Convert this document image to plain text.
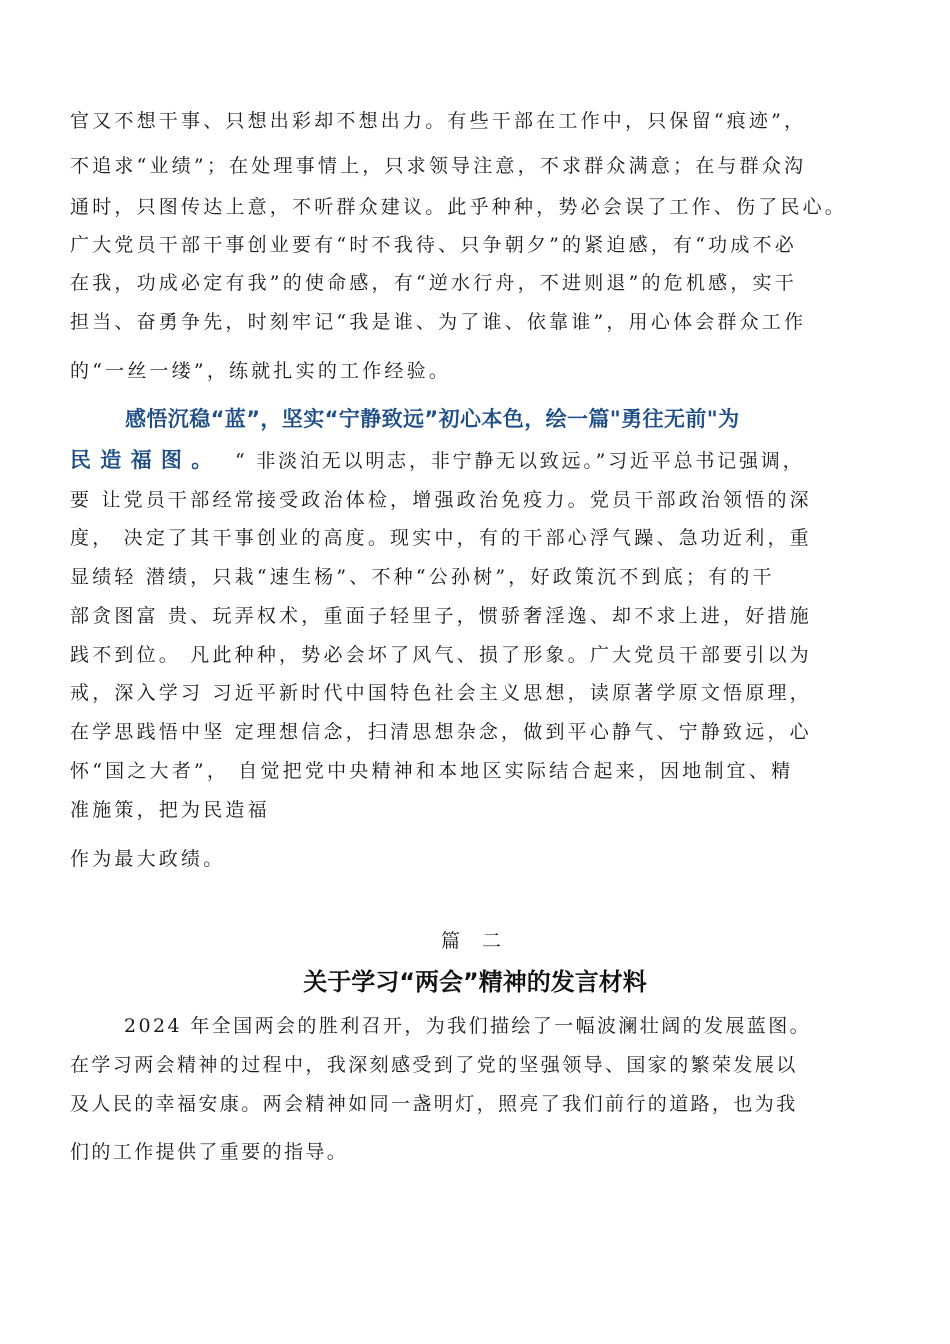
官又不想干事、只想出彩却不想出力。有些干部在工作中，只保留“痕迹”，
不追求“业绩”；在处理事情上，只求领导注意，不求群众满意；在与群众沟
通时，只图传达上意，不听群众建议。此乎种种，势必会误了工作、伤了民心。
广大党员干部干事创业要有“时不我待、只争朝夕”的紧迫感，有“功成不必
在我，功成必定有我”的使命感，有“逆水行舟，不进则退”的危机感，实干
担当、奋勇争先，时刻牢记“我是谁、为了谁、依靠谁”，用心体会群众工作
的“一丝一缕”，练就扎实的工作经验。
感悟沉稳“蓝”，坚实“宁静致远”初心本色，绘一篇"勇往无前"为
民 造 福 图 。 “ 非淡泊无以明志，非宁静无以致远。”习近平总书记强调，
要 让党员干部经常接受政治体检，增强政治免疫力。党员干部政治领悟的深
度， 决定了其干事创业的高度。现实中，有的干部心浮气躁、急功近利，重
显绩轻 潜绩，只栽“速生杨”、不种“公孙树”，好政策沉不到底；有的干
部贪图富 贵、玩弄权术，重面子轻里子，惯骄奢淫逸、却不求上进，好措施
践不到位。 凡此种种，势必会坏了风气、损了形象。广大党员干部要引以为
戒，深入学习 习近平新时代中国特色社会主义思想，读原著学原文悟原理，
在学思践悟中坚 定理想信念，扫清思想杂念，做到平心静气、宁静致远，心
怀“国之大者”， 自觉把党中央精神和本地区实际结合起来，因地制宜、精
准施策，把为民造福
作为最大政绩。
篇 二
关于学习“两会”精神的发言材料
2024 年全国两会的胜利召开，为我们描绘了一幅波澜壮阔的发展蓝图。
在学习两会精神的过程中，我深刻感受到了党的坚强领导、国家的繁荣发展以
及人民的幸福安康。两会精神如同一盏明灯，照亮了我们前行的道路，也为我
们的工作提供了重要的指导。
